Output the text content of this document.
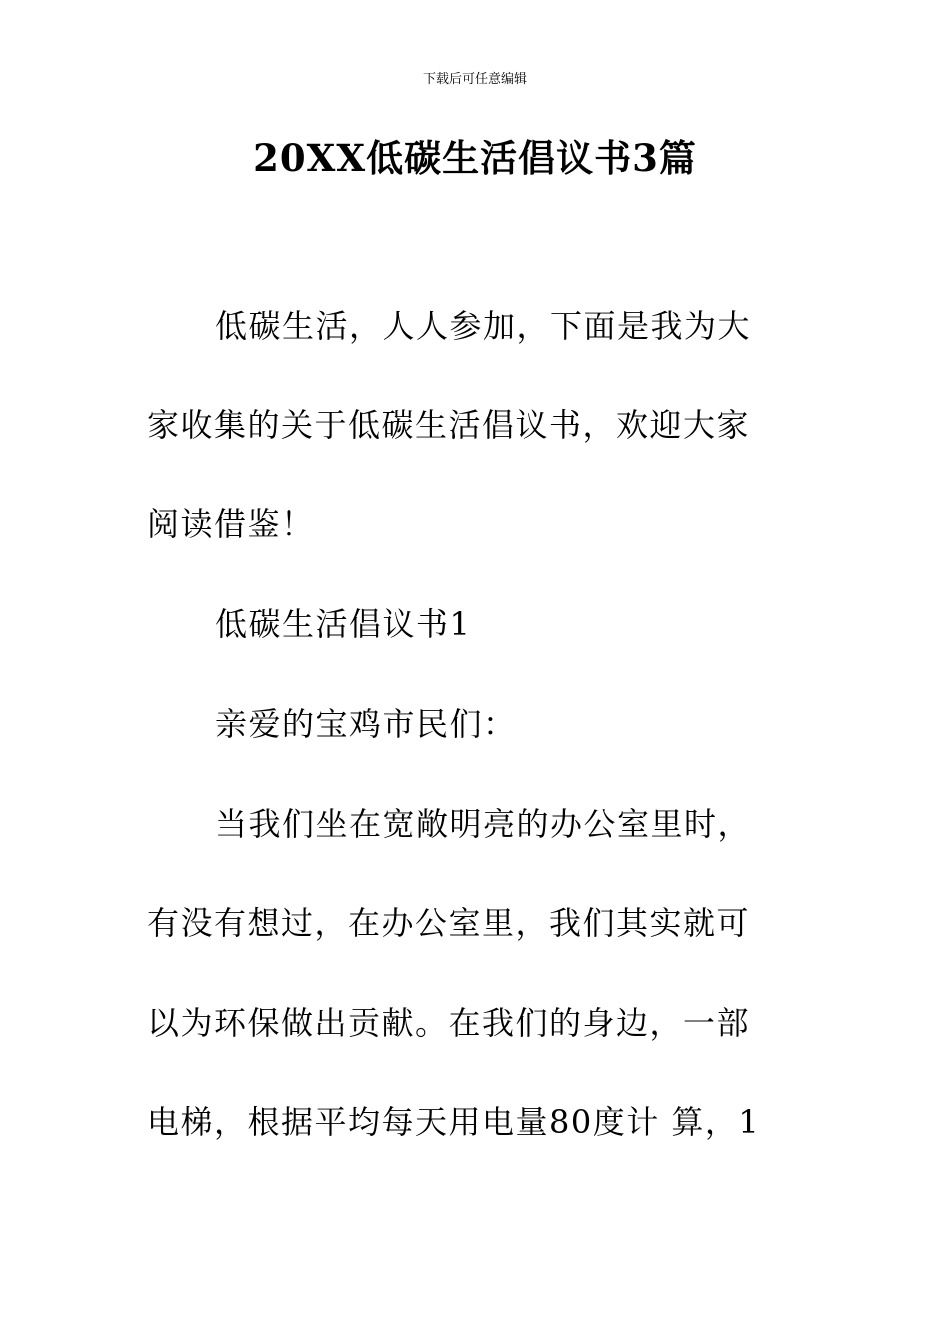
下载后可任意编辑
20XX低碳生活倡议书3篇
低碳生活，人人参加，下面是我为大
家收集的关于低碳生活倡议书，欢迎大家
阅读借鉴！
低碳生活倡议书1
亲爱的宝鸡市民们：
当我们坐在宽敞明亮的办公室里时，
有没有想过，在办公室里，我们其实就可
以为环保做出贡献。在我们的身边，一部
电梯，根据平均每天用电量80度计 算，1
